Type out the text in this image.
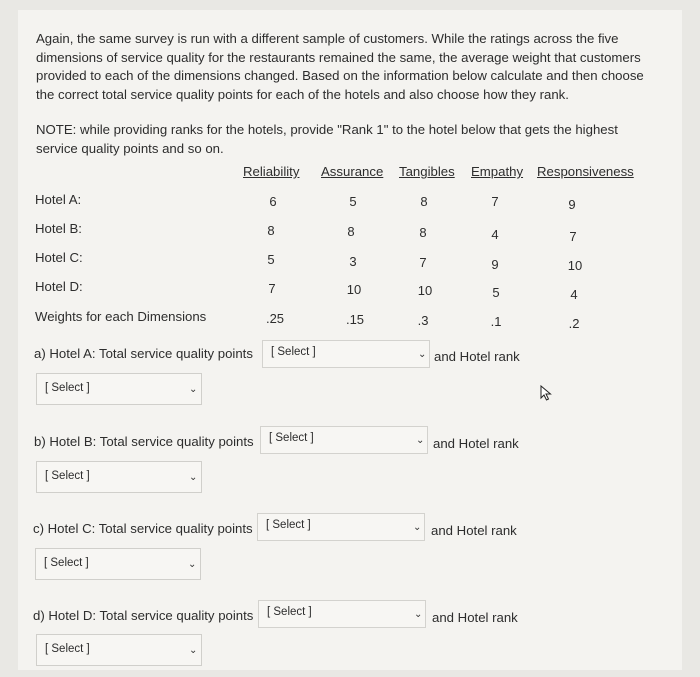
Again, the same survey is run with a different sample of customers. While the ratings across the five dimensions of service quality for the restaurants remained the same, the average weight that customers provided to each of the dimensions changed. Based on the information below calculate and then choose the correct total service quality points for each of the hotels and also choose how they rank.

NOTE: while providing ranks for the hotels, provide "Rank 1" to the hotel below that gets the highest service quality points and so on.

Reliability Assurance Tangibles Empathy Responsiveness
Hotel A:	6	5	8	7	9
Hotel B:	8	8	8	4	7
Hotel C:	5	3	7	9	10
Hotel D:	7	10	10	5	4
Weights for each Dimensions	.25	.15	.3	.1	.2
a) Hotel A: Total service quality points	[ Select ]	⌄ and Hotel rank
[ Select ]	⌄
b) Hotel B: Total service quality points	[ Select ]	⌄ and Hotel rank
[ Select ]	⌄
c) Hotel C: Total service quality points	[ Select ]	⌄ and Hotel rank
[ Select ]	⌄
d) Hotel D: Total service quality points	[ Select ]	⌄ and Hotel rank
[ Select ]	⌄
